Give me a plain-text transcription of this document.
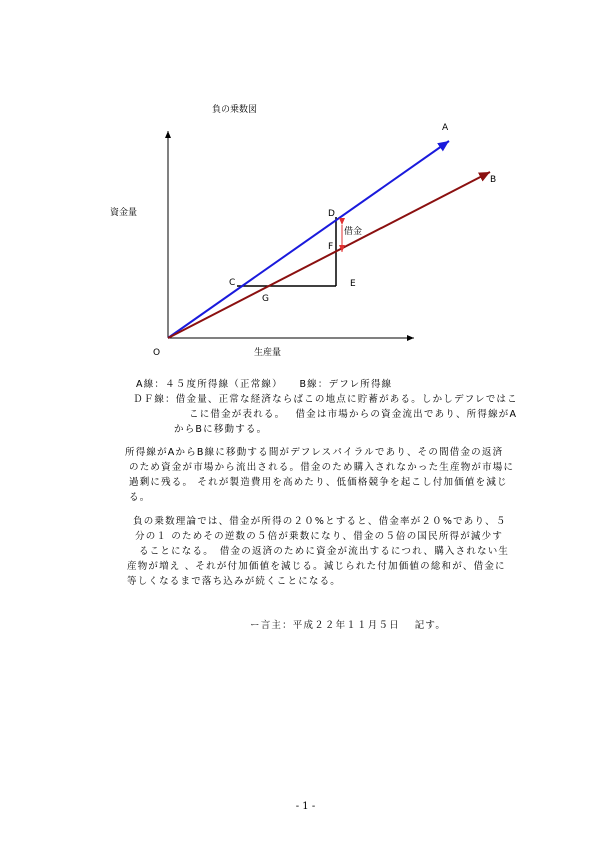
負の乗数図
資金量
生産量
O
A
B
C
D
E
F
G
借金

A線：４５度所得線（正常線）　　B線：デフレ所得線

ＤＦ線：借金量、正常な経済ならばこの地点に貯蓄がある。しかしデフレではこ
こに借金が表れる。　 借金は市場からの資金流出であり、所得線がA
からBに移動する。
所得線がAからB線に移動する間がデフレスパイラルであり、その間借金の返済
のため資金が市場から流出される。借金のため購入されなかった生産物が市場に
過剰に残る。 それが製造費用を高めたり、低価格競争を起こし付加価値を減じ
る。
負の乗数理論では、借金が所得の２０%とすると、借金率が２０%であり、５
分の１ のためその逆数の５倍が乗数になり、借金の５倍の国民所得が減少す
ることになる。　借金の返済のために資金が流出するにつれ、購入されない生
産物が増え 、それが付加価値を減じる。減じられた付加価値の総和が、借金に
等しくなるまで落ち込みが続くことになる。

ー言主：平成２２年１１月５日　 記す。

- 1 -
